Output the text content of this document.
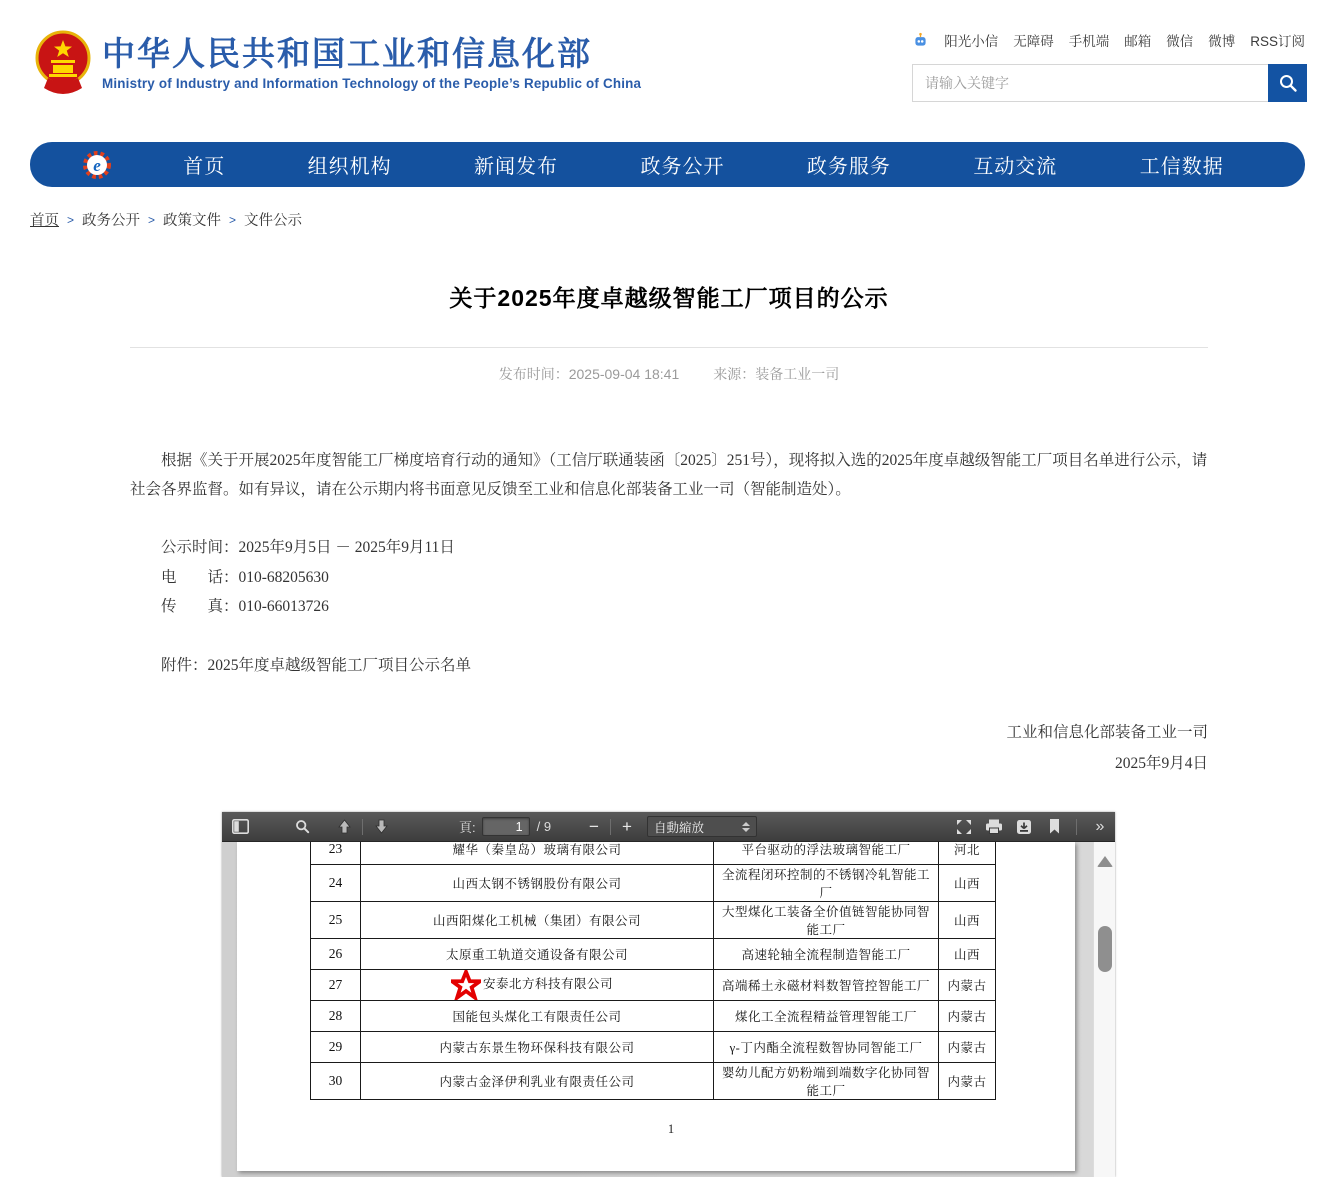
中华人民共和国工业和信息化部
Ministry of Industry and Information Technology of the People’s Republic of China
阳光小信 无障碍 手机端 邮箱 微信 微博 RSS订阅
请输入关键字
e	首页	组织机构	新闻发布	政务公开	政务服务	互动交流	工信数据
首页 > 政务公开 > 政策文件 > 文件公示
关于2025年度卓越级智能工厂项目的公示
发布时间：2025-09-04 18:41 来源：装备工业一司

根据《关于开展2025年度智能工厂梯度培育行动的通知》（工信厅联通装函〔2025〕251号），现将拟入选的2025年度卓越级智能工厂项目名单进行公示，请社会各界监督。如有异议，请在公示期内将书面意见反馈至工业和信息化部装备工业一司（智能制造处）。

公示时间：2025年9月5日 － 2025年9月11日
电　　话：010-68205630
传　　真：010-66013726
附件：2025年度卓越级智能工厂项目公示名单
工业和信息化部装备工业一司
2025年9月4日
頁:
1	/ 9 − + 自動縮放	»
23	耀华（秦皇岛）玻璃有限公司	平台驱动的浮法玻璃智能工厂	河北
24	山西太钢不锈钢股份有限公司	全流程闭环控制的不锈钢冷轧智能工厂	山西
25	山西阳煤化工机械（集团）有限公司	大型煤化工装备全价值链智能协同智能工厂	山西
26	太原重工轨道交通设备有限公司	高速轮轴全流程制造智能工厂	山西
27	安泰北方科技有限公司	高端稀土永磁材料数智管控智能工厂	内蒙古
28	国能包头煤化工有限责任公司	煤化工全流程精益管理智能工厂	内蒙古
29	内蒙古东景生物环保科技有限公司	γ-丁内酯全流程数智协同智能工厂	内蒙古
30	内蒙古金泽伊利乳业有限责任公司	婴幼儿配方奶粉端到端数字化协同智能工厂	内蒙古
1
